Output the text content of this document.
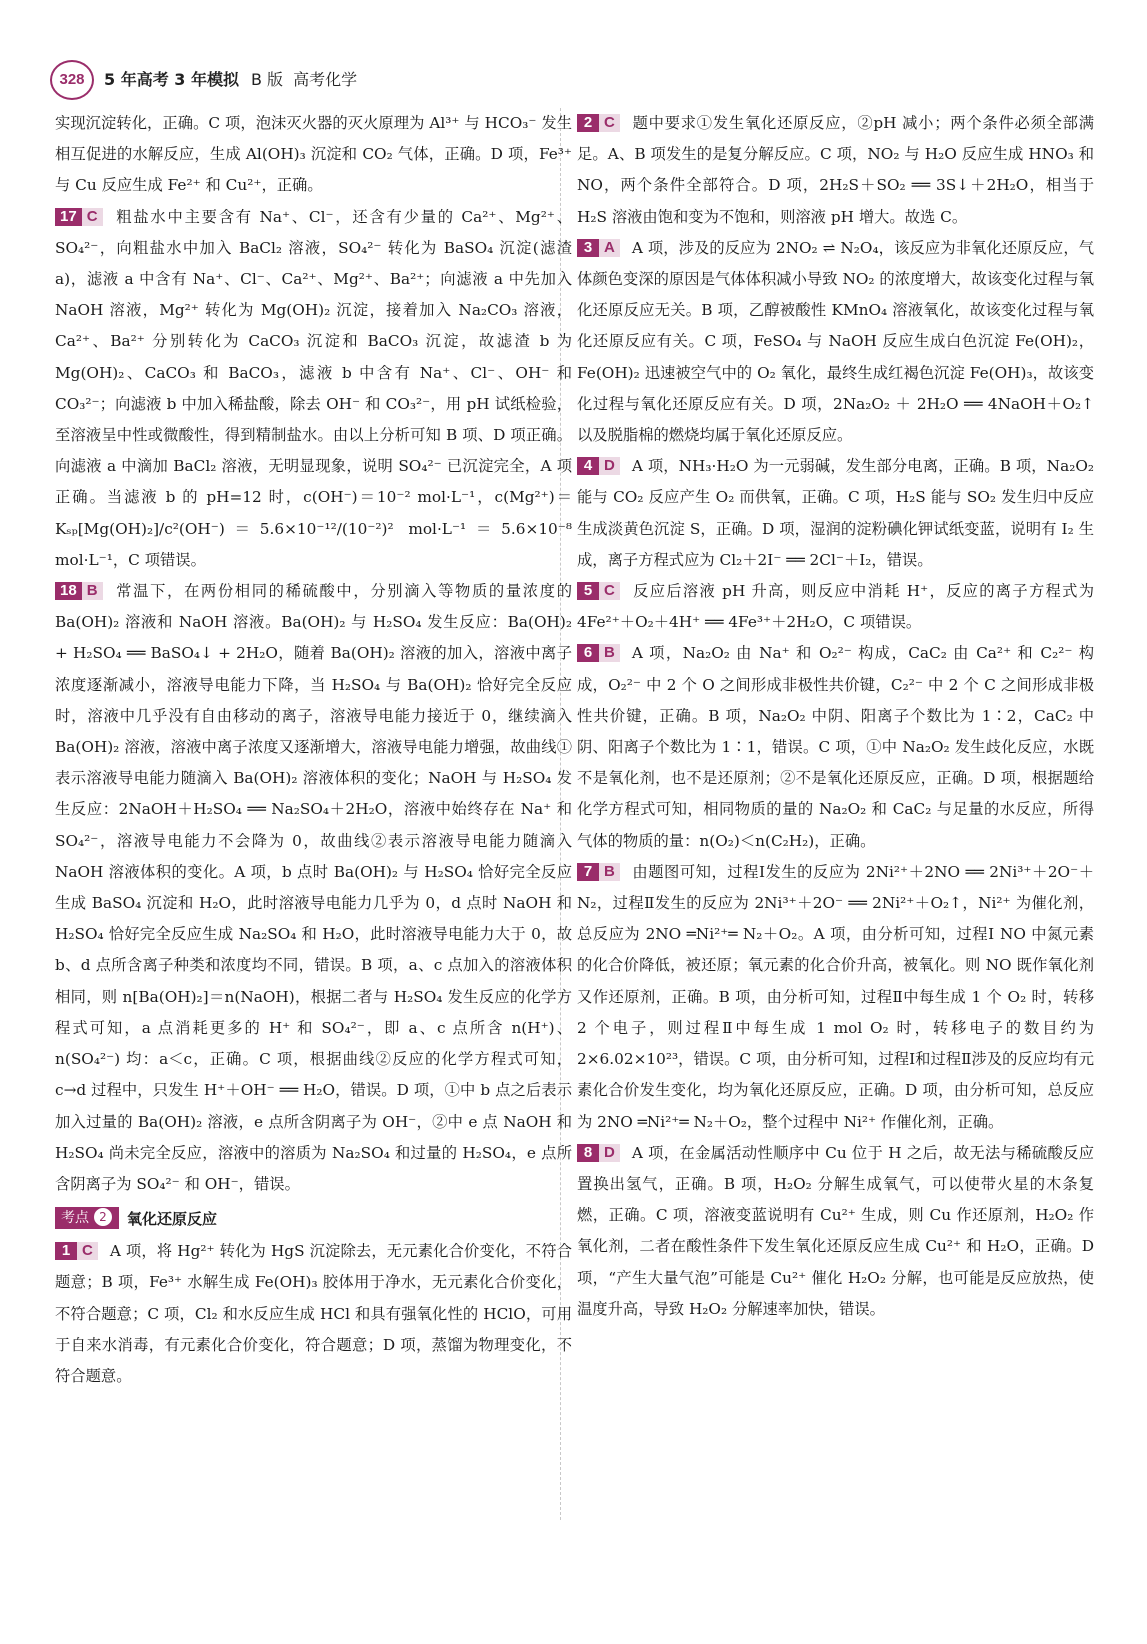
328	5 年高考 3 年模拟 B 版 高考化学

实现沉淀转化，正确。C 项，泡沫灭火器的灭火原理为 Al³⁺ 与 HCO₃⁻ 发生相互促进的水解反应，生成 Al(OH)₃ 沉淀和 CO₂ 气体，正确。D 项，Fe³⁺ 与 Cu 反应生成 Fe²⁺ 和 Cu²⁺，正确。

17 C 粗盐水中主要含有 Na⁺、Cl⁻，还含有少量的 Ca²⁺、Mg²⁺、SO₄²⁻，向粗盐水中加入 BaCl₂ 溶液，SO₄²⁻ 转化为 BaSO₄ 沉淀(滤渣 a)，滤液 a 中含有 Na⁺、Cl⁻、Ca²⁺、Mg²⁺、Ba²⁺；向滤液 a 中先加入 NaOH 溶液，Mg²⁺ 转化为 Mg(OH)₂ 沉淀，接着加入 Na₂CO₃ 溶液，Ca²⁺、Ba²⁺ 分别转化为 CaCO₃ 沉淀和 BaCO₃ 沉淀，故滤渣 b 为 Mg(OH)₂、CaCO₃ 和 BaCO₃，滤液 b 中含有 Na⁺、Cl⁻、OH⁻ 和 CO₃²⁻；向滤液 b 中加入稀盐酸，除去 OH⁻ 和 CO₃²⁻，用 pH 试纸检验，至溶液呈中性或微酸性，得到精制盐水。由以上分析可知 B 项、D 项正确。向滤液 a 中滴加 BaCl₂ 溶液，无明显现象，说明 SO₄²⁻ 已沉淀完全，A 项正确。当滤液 b 的 pH=12 时，c(OH⁻)＝10⁻² mol·L⁻¹，c(Mg²⁺)＝Kₛₚ[Mg(OH)₂]/c²(OH⁻)＝5.6×10⁻¹²/(10⁻²)² mol·L⁻¹＝5.6×10⁻⁸ mol·L⁻¹，C 项错误。

18 B 常温下，在两份相同的稀硫酸中，分别滴入等物质的量浓度的 Ba(OH)₂ 溶液和 NaOH 溶液。Ba(OH)₂ 与 H₂SO₄ 发生反应：Ba(OH)₂ + H₂SO₄ ══ BaSO₄↓ + 2H₂O，随着 Ba(OH)₂ 溶液的加入，溶液中离子浓度逐渐减小，溶液导电能力下降，当 H₂SO₄ 与 Ba(OH)₂ 恰好完全反应时，溶液中几乎没有自由移动的离子，溶液导电能力接近于 0，继续滴入 Ba(OH)₂ 溶液，溶液中离子浓度又逐渐增大，溶液导电能力增强，故曲线①表示溶液导电能力随滴入 Ba(OH)₂ 溶液体积的变化；NaOH 与 H₂SO₄ 发生反应：2NaOH＋H₂SO₄ ══ Na₂SO₄＋2H₂O，溶液中始终存在 Na⁺ 和 SO₄²⁻，溶液导电能力不会降为 0，故曲线②表示溶液导电能力随滴入 NaOH 溶液体积的变化。A 项，b 点时 Ba(OH)₂ 与 H₂SO₄ 恰好完全反应生成 BaSO₄ 沉淀和 H₂O，此时溶液导电能力几乎为 0，d 点时 NaOH 和 H₂SO₄ 恰好完全反应生成 Na₂SO₄ 和 H₂O，此时溶液导电能力大于 0，故 b、d 点所含离子种类和浓度均不同，错误。B 项，a、c 点加入的溶液体积相同，则 n[Ba(OH)₂]＝n(NaOH)，根据二者与 H₂SO₄ 发生反应的化学方程式可知，a 点消耗更多的 H⁺ 和 SO₄²⁻，即 a、c 点所含 n(H⁺)、n(SO₄²⁻) 均：a＜c，正确。C 项，根据曲线②反应的化学方程式可知，c→d 过程中，只发生 H⁺＋OH⁻ ══ H₂O，错误。D 项，①中 b 点之后表示加入过量的 Ba(OH)₂ 溶液，e 点所含阴离子为 OH⁻，②中 e 点 NaOH 和 H₂SO₄ 尚未完全反应，溶液中的溶质为 Na₂SO₄ 和过量的 H₂SO₄，e 点所含阴离子为 SO₄²⁻ 和 OH⁻，错误。

考点 2 氧化还原反应

1 C A 项，将 Hg²⁺ 转化为 HgS 沉淀除去，无元素化合价变化，不符合题意；B 项，Fe³⁺ 水解生成 Fe(OH)₃ 胶体用于净水，无元素化合价变化，不符合题意；C 项，Cl₂ 和水反应生成 HCl 和具有强氧化性的 HClO，可用于自来水消毒，有元素化合价变化，符合题意；D 项，蒸馏为物理变化，不符合题意。

2 C 题中要求①发生氧化还原反应，②pH 减小；两个条件必须全部满足。A、B 项发生的是复分解反应。C 项，NO₂ 与 H₂O 反应生成 HNO₃ 和 NO，两个条件全部符合。D 项，2H₂S＋SO₂ ══ 3S↓＋2H₂O，相当于 H₂S 溶液由饱和变为不饱和，则溶液 pH 增大。故选 C。

3 A A 项，涉及的反应为 2NO₂ ⇌ N₂O₄，该反应为非氧化还原反应，气体颜色变深的原因是气体体积减小导致 NO₂ 的浓度增大，故该变化过程与氧化还原反应无关。B 项，乙醇被酸性 KMnO₄ 溶液氧化，故该变化过程与氧化还原反应有关。C 项，FeSO₄ 与 NaOH 反应生成白色沉淀 Fe(OH)₂，Fe(OH)₂ 迅速被空气中的 O₂ 氧化，最终生成红褐色沉淀 Fe(OH)₃，故该变化过程与氧化还原反应有关。D 项，2Na₂O₂ ＋ 2H₂O ══ 4NaOH＋O₂↑以及脱脂棉的燃烧均属于氧化还原反应。

4 D A 项，NH₃·H₂O 为一元弱碱，发生部分电离，正确。B 项，Na₂O₂ 能与 CO₂ 反应产生 O₂ 而供氧，正确。C 项，H₂S 能与 SO₂ 发生归中反应生成淡黄色沉淀 S，正确。D 项，湿润的淀粉碘化钾试纸变蓝，说明有 I₂ 生成，离子方程式应为 Cl₂＋2I⁻ ══ 2Cl⁻＋I₂，错误。

5 C 反应后溶液 pH 升高，则反应中消耗 H⁺，反应的离子方程式为 4Fe²⁺＋O₂＋4H⁺ ══ 4Fe³⁺＋2H₂O，C 项错误。

6 B A 项，Na₂O₂ 由 Na⁺ 和 O₂²⁻ 构成，CaC₂ 由 Ca²⁺ 和 C₂²⁻ 构成，O₂²⁻ 中 2 个 O 之间形成非极性共价键，C₂²⁻ 中 2 个 C 之间形成非极性共价键，正确。B 项，Na₂O₂ 中阴、阳离子个数比为 1∶2，CaC₂ 中阴、阳离子个数比为 1∶1，错误。C 项，①中 Na₂O₂ 发生歧化反应，水既不是氧化剂，也不是还原剂；②不是氧化还原反应，正确。D 项，根据题给化学方程式可知，相同物质的量的 Na₂O₂ 和 CaC₂ 与足量的水反应，所得气体的物质的量：n(O₂)＜n(C₂H₂)，正确。

7 B 由题图可知，过程Ⅰ发生的反应为 2Ni²⁺＋2NO ══ 2Ni³⁺＋2O⁻＋N₂，过程Ⅱ发生的反应为 2Ni³⁺＋2O⁻ ══ 2Ni²⁺＋O₂↑，Ni²⁺ 为催化剂，总反应为 2NO ═Ni²⁺═ N₂＋O₂。A 项，由分析可知，过程Ⅰ NO 中氮元素的化合价降低，被还原；氧元素的化合价升高，被氧化。则 NO 既作氧化剂又作还原剂，正确。B 项，由分析可知，过程Ⅱ中每生成 1 个 O₂ 时，转移 2 个电子，则过程Ⅱ中每生成 1 mol O₂ 时，转移电子的数目约为 2×6.02×10²³，错误。C 项，由分析可知，过程Ⅰ和过程Ⅱ涉及的反应均有元素化合价发生变化，均为氧化还原反应，正确。D 项，由分析可知，总反应为 2NO ═Ni²⁺═ N₂＋O₂，整个过程中 Ni²⁺ 作催化剂，正确。

8 D A 项，在金属活动性顺序中 Cu 位于 H 之后，故无法与稀硫酸反应置换出氢气，正确。B 项，H₂O₂ 分解生成氧气，可以使带火星的木条复燃，正确。C 项，溶液变蓝说明有 Cu²⁺ 生成，则 Cu 作还原剂，H₂O₂ 作氧化剂，二者在酸性条件下发生氧化还原反应生成 Cu²⁺ 和 H₂O，正确。D 项，“产生大量气泡”可能是 Cu²⁺ 催化 H₂O₂ 分解，也可能是反应放热，使温度升高，导致 H₂O₂ 分解速率加快，错误。
